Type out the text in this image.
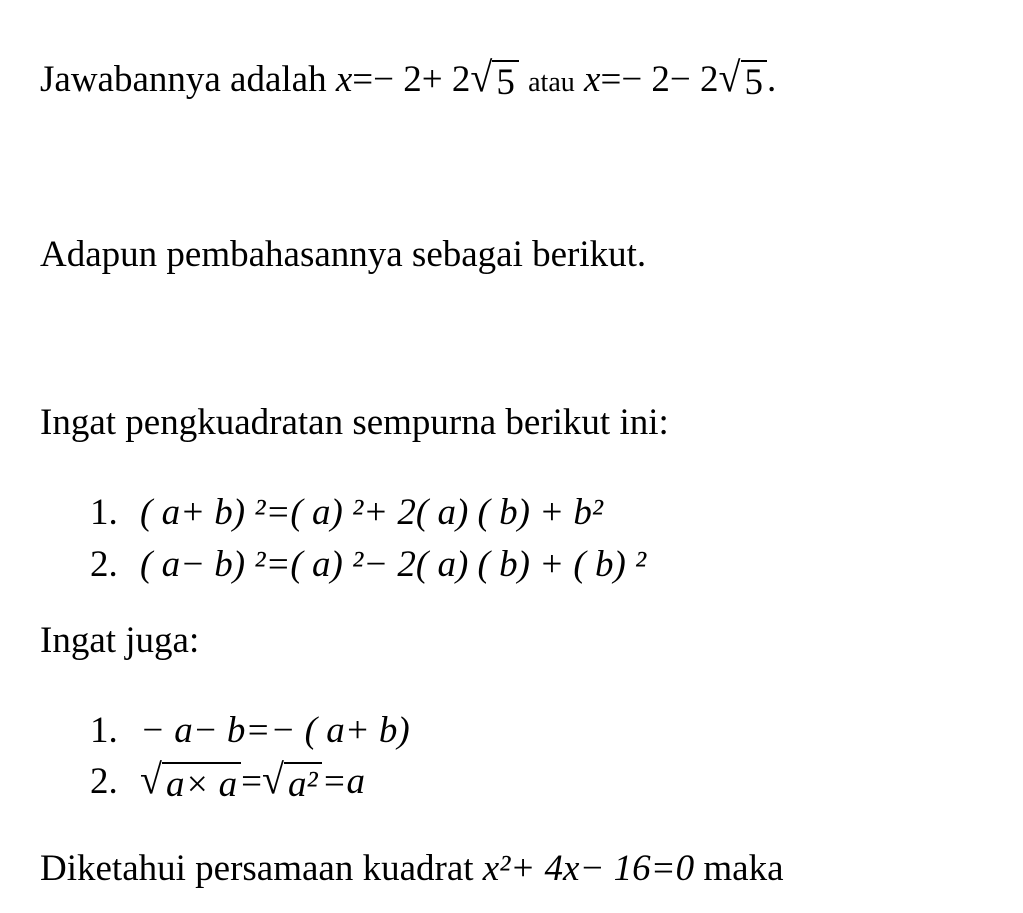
Jawabannya adalah x=− 2+ 2 √ 5 atau x=− 2− 2 √ 5 .
Adapun pembahasannya sebagai berikut.
Ingat pengkuadratan sempurna berikut ini:
1. ( a+ b) ²=( a) ²+ 2( a) ( b) + b²
2. ( a− b) ²=( a) ²− 2( a) ( b) + ( b) ²
Ingat juga:
1. − a− b=− ( a+ b)
2. √ a× a = √ a² =a
Diketahui persamaan kuadrat x²+ 4x− 16=0 maka
